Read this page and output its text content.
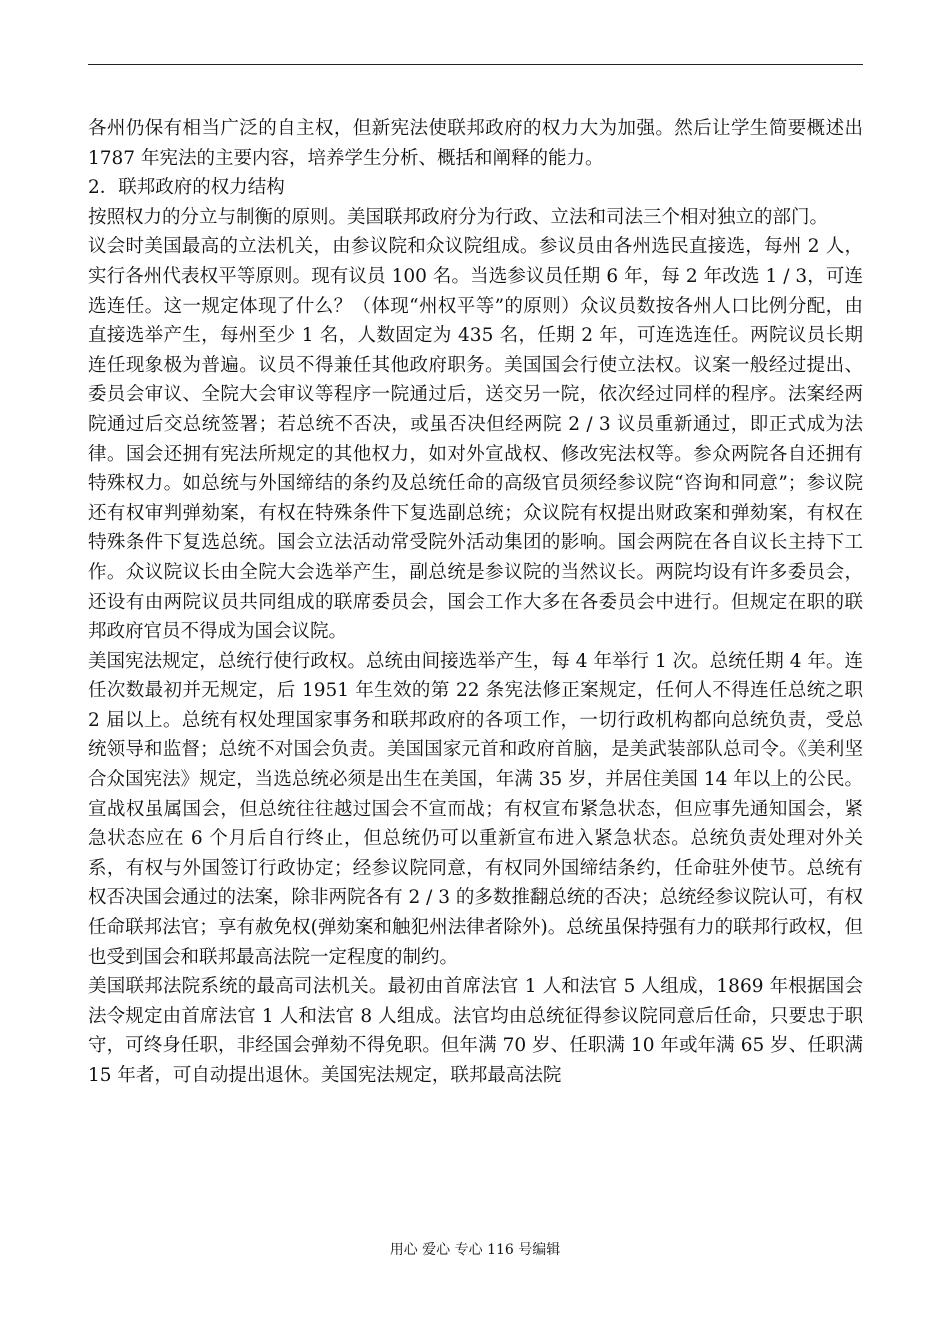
各州仍保有相当广泛的自主权，但新宪法使联邦政府的权力大为加强。然后让学生简要概述出 1787 年宪法的主要内容，培养学生分析、概括和阐释的能力。

2．联邦政府的权力结构

按照权力的分立与制衡的原则。美国联邦政府分为行政、立法和司法三个相对独立的部门。

议会时美国最高的立法机关，由参议院和众议院组成。参议员由各州选民直接选，每州 2 人，实行各州代表权平等原则。现有议员 100 名。当选参议员任期 6 年，每 2 年改选 1 / 3，可连选连任。这一规定体现了什么？（体现“州权平等”的原则）众议员数按各州人口比例分配，由直接选举产生，每州至少 1 名，人数固定为 435 名，任期 2 年，可连选连任。两院议员长期连任现象极为普遍。议员不得兼任其他政府职务。美国国会行使立法权。议案一般经过提出、委员会审议、全院大会审议等程序一院通过后，送交另一院，依次经过同样的程序。法案经两院通过后交总统签署；若总统不否决，或虽否决但经两院 2 / 3 议员重新通过，即正式成为法律。国会还拥有宪法所规定的其他权力，如对外宣战权、修改宪法权等。参众两院各自还拥有特殊权力。如总统与外国缔结的条约及总统任命的高级官员须经参议院“咨询和同意”；参议院还有权审判弹劾案，有权在特殊条件下复选副总统；众议院有权提出财政案和弹劾案，有权在特殊条件下复选总统。国会立法活动常受院外活动集团的影响。国会两院在各自议长主持下工作。众议院议长由全院大会选举产生，副总统是参议院的当然议长。两院均设有许多委员会，还设有由两院议员共同组成的联席委员会，国会工作大多在各委员会中进行。但规定在职的联邦政府官员不得成为国会议院。

美国宪法规定，总统行使行政权。总统由间接选举产生，每 4 年举行 1 次。总统任期 4 年。连任次数最初并无规定，后 1951 年生效的第 22 条宪法修正案规定，任何人不得连任总统之职 2 届以上。总统有权处理国家事务和联邦政府的各项工作，一切行政机构都向总统负责，受总统领导和监督；总统不对国会负责。美国国家元首和政府首脑，是美武装部队总司令。《美利坚合众国宪法》规定，当选总统必须是出生在美国，年满 35 岁，并居住美国 14 年以上的公民。宣战权虽属国会，但总统往往越过国会不宣而战；有权宣布紧急状态，但应事先通知国会，紧急状态应在 6 个月后自行终止，但总统仍可以重新宣布进入紧急状态。总统负责处理对外关系，有权与外国签订行政协定；经参议院同意，有权同外国缔结条约，任命驻外使节。总统有权否决国会通过的法案，除非两院各有 2 / 3 的多数推翻总统的否决；总统经参议院认可，有权任命联邦法官；享有赦免权(弹劾案和触犯州法律者除外)。总统虽保持强有力的联邦行政权，但也受到国会和联邦最高法院一定程度的制约。

美国联邦法院系统的最高司法机关。最初由首席法官 1 人和法官 5 人组成，1869 年根据国会法令规定由首席法官 1 人和法官 8 人组成。法官均由总统征得参议院同意后任命，只要忠于职守，可终身任职，非经国会弹劾不得免职。但年满 70 岁、任职满 10 年或年满 65 岁、任职满 15 年者，可自动提出退休。美国宪法规定，联邦最高法院

用心 爱心 专心 116 号编辑
